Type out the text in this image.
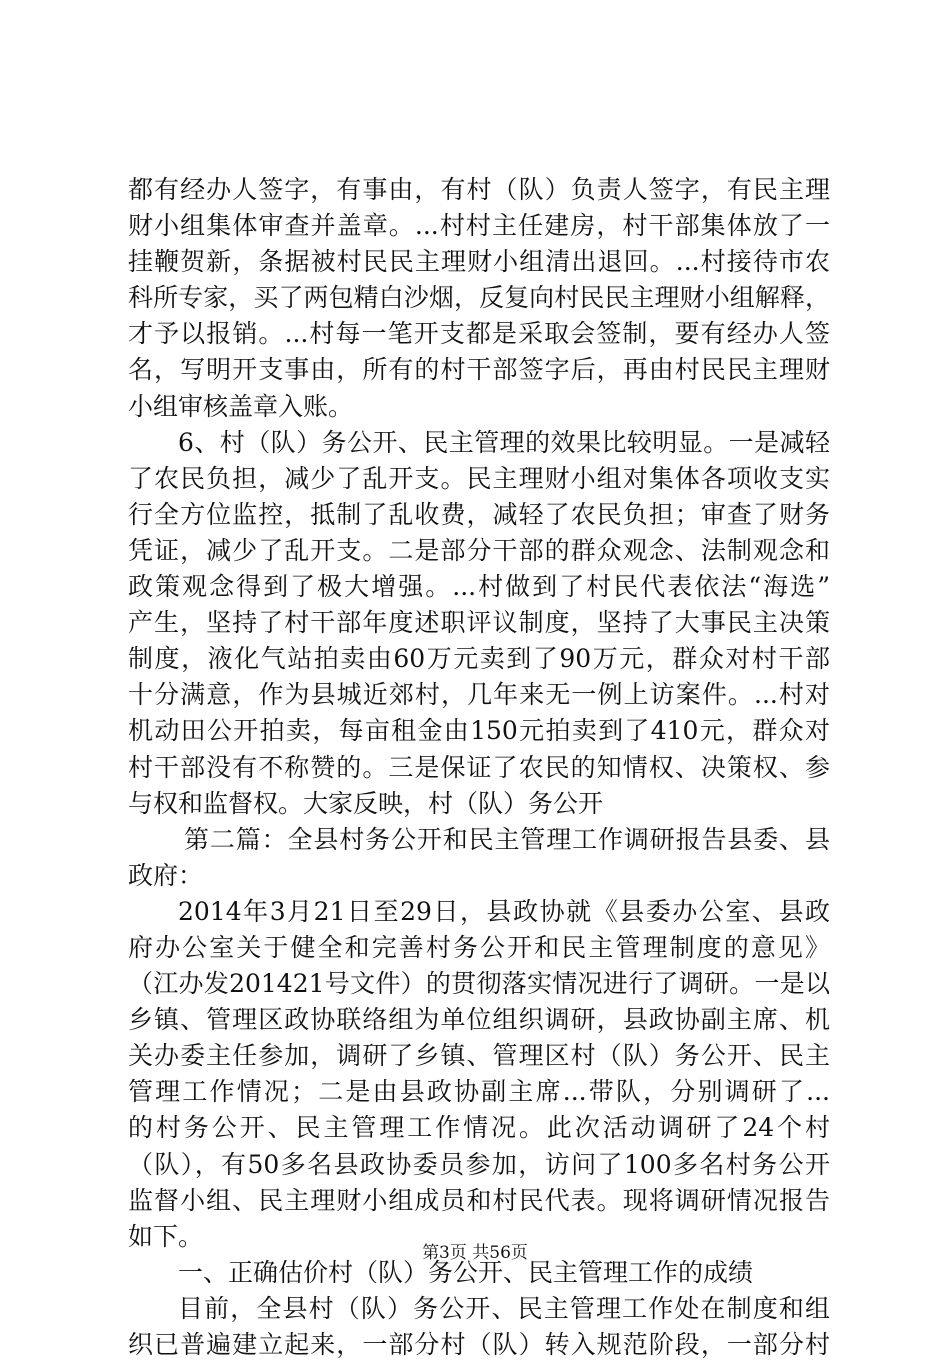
都有经办人签字，有事由，有村（队）负责人签字，有民主理
财小组集体审查并盖章。...村村主任建房，村干部集体放了一
挂鞭贺新，条据被村民民主理财小组清出退回。...村接待市农
科所专家，买了两包精白沙烟，反复向村民民主理财小组解释，
才予以报销。...村每一笔开支都是采取会签制，要有经办人签
名，写明开支事由，所有的村干部签字后，再由村民民主理财
小组审核盖章入账。
6、村（队）务公开、民主管理的效果比较明显。一是减轻
了农民负担，减少了乱开支。民主理财小组对集体各项收支实
行全方位监控，抵制了乱收费，减轻了农民负担；审查了财务
凭证，减少了乱开支。二是部分干部的群众观念、法制观念和
政策观念得到了极大增强。...村做到了村民代表依法“海选”
产生，坚持了村干部年度述职评议制度，坚持了大事民主决策
制度，液化气站拍卖由60万元卖到了90万元，群众对村干部
十分满意，作为县城近郊村，几年来无一例上访案件。...村对
机动田公开拍卖，每亩租金由150元拍卖到了410元，群众对
村干部没有不称赞的。三是保证了农民的知情权、决策权、参
与权和监督权。大家反映，村（队）务公开
第二篇：全县村务公开和民主管理工作调研报告县委、县
政府：
2014年3月21日至29日，县政协就《县委办公室、县政
府办公室关于健全和完善村务公开和民主管理制度的意见》
（江办发201421号文件）的贯彻落实情况进行了调研。一是以
乡镇、管理区政协联络组为单位组织调研，县政协副主席、机
关办委主任参加，调研了乡镇、管理区村（队）务公开、民主
管理工作情况；二是由县政协副主席...带队，分别调研了...
的村务公开、民主管理工作情况。此次活动调研了24个村
（队），有50多名县政协委员参加，访问了100多名村务公开
监督小组、民主理财小组成员和村民代表。现将调研情况报告
如下。
一、正确估价村（队）务公开、民主管理工作的成绩
目前，全县村（队）务公开、民主管理工作处在制度和组
织已普遍建立起来，一部分村（队）转入规范阶段，一部分村
第3页 共56页
